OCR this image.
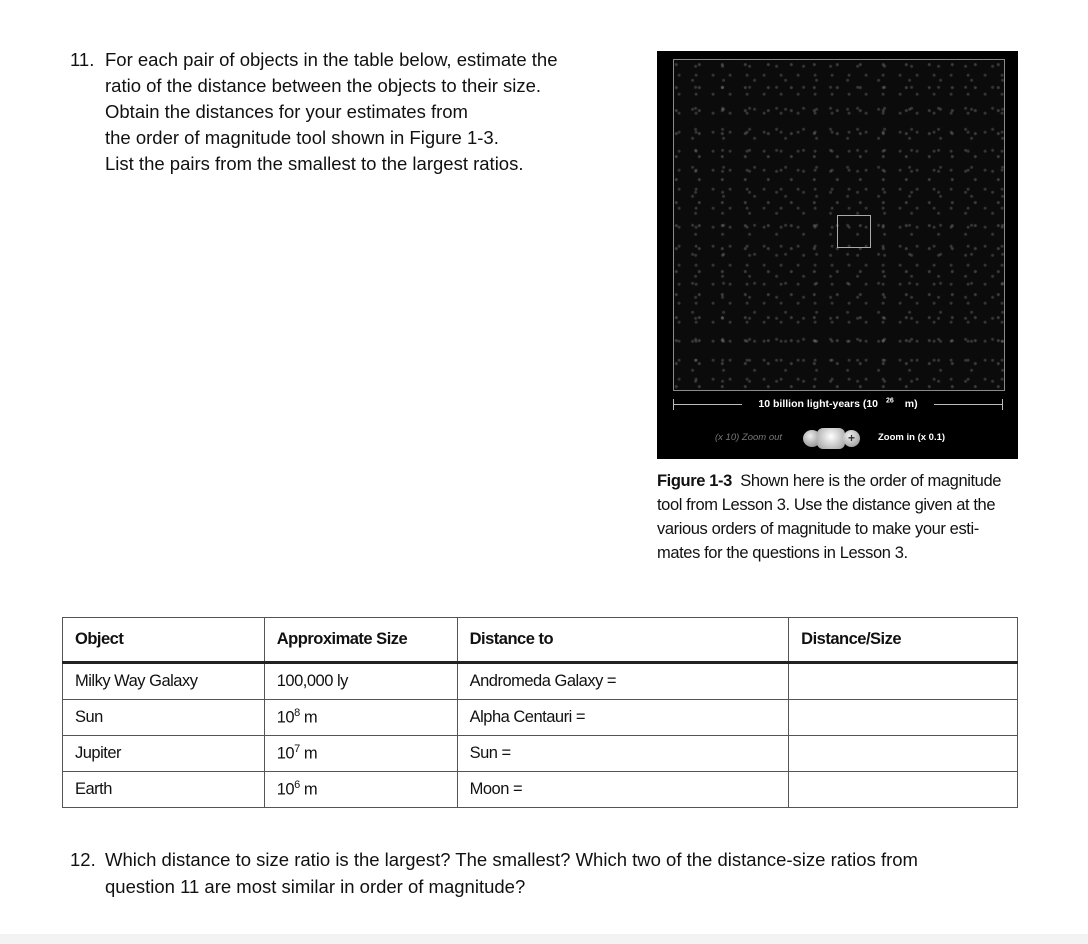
11. For each pair of objects in the table below, estimate the
ratio of the distance between the objects to their size.
Obtain the distances for your estimates from
the order of magnitude tool shown in Figure 1-3.
List the pairs from the smallest to the largest ratios.
10 billion light-years (10 $^{26}$ m)
(x 10) Zoom out	+	Zoom in (x 0.1)
Figure 1-3 Shown here is the order of magnitude
tool from Lesson 3. Use the distance given at the
various orders of magnitude to make your esti-
mates for the questions in Lesson 3.
Object	Approximate Size	Distance to	Distance/Size
Milky Way Galaxy	100,000 ly	Andromeda Galaxy =	
Sun	$10^8$ m	Alpha Centauri =	
Jupiter	$10^7$ m	Sun =	
Earth	$10^6$ m	Moon =	
12. Which distance to size ratio is the largest? The smallest? Which two of the distance-size ratios from
question 11 are most similar in order of magnitude?
